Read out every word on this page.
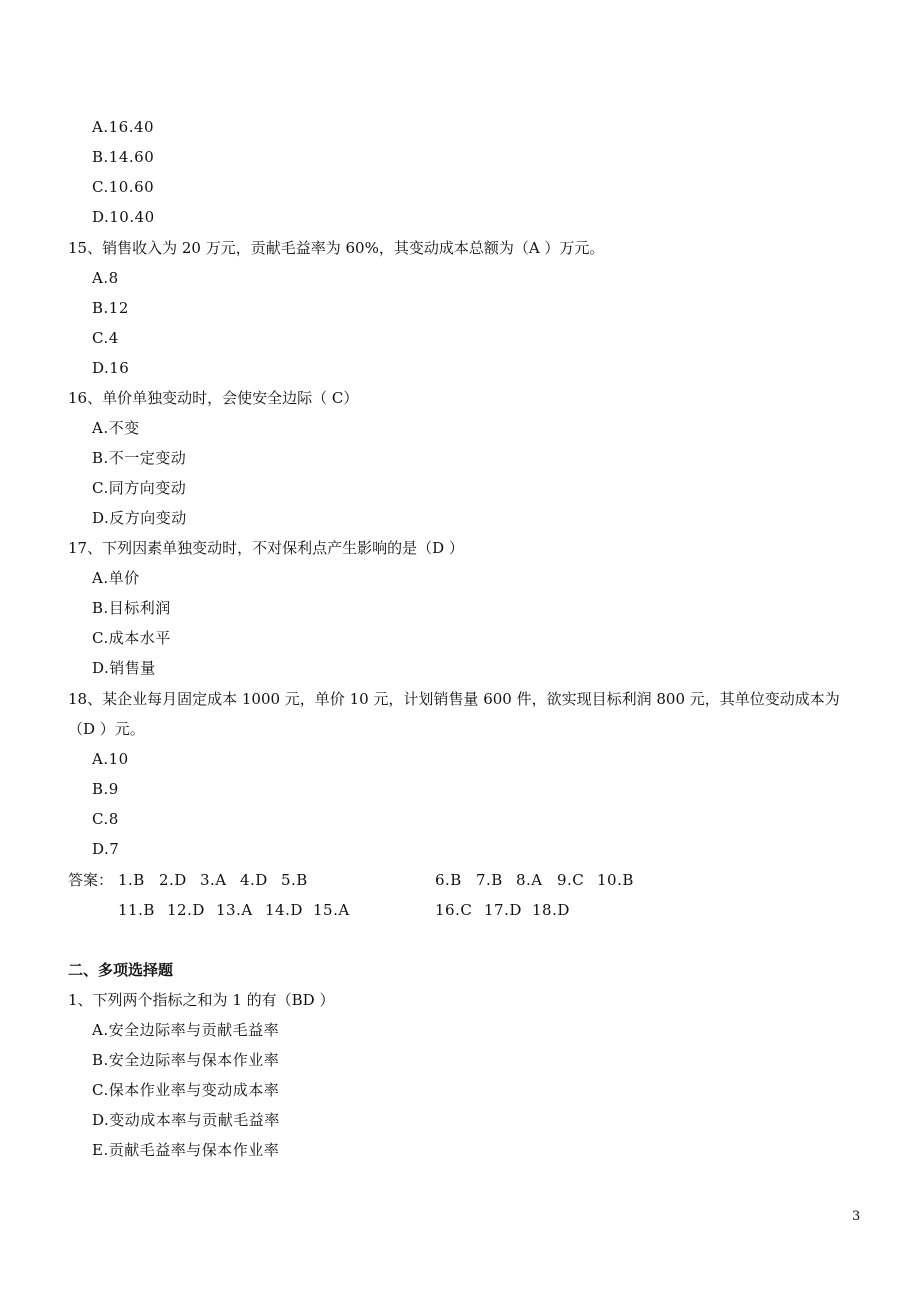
A.16.40
B.14.60
C.10.60
D.10.40
15、销售收入为 20 万元，贡献毛益率为 60%，其变动成本总额为（A ）万元。
A.8
B.12
C.4
D.16
16、单价单独变动时，会使安全边际（ C）
A.不变
B.不一定变动
C.同方向变动
D.反方向变动
17、下列因素单独变动时，不对保利点产生影响的是（D ）
A.单价
B.目标利润
C.成本水平
D.销售量
18、某企业每月固定成本 1000 元，单价 10 元，计划销售量 600 件，欲实现目标利润 800 元，其单位变动成本为
（D ）元。
A.10
B.9
C.8
D.7
答案： 1.B 2.D 3.A 4.D 5.B	6.B 7.B 8.A 9.C 10.B
11.B 12.D 13.A 14.D 15.A	16.C 17.D 18.D
二、多项选择题
1、下列两个指标之和为 1 的有（BD ）
A.安全边际率与贡献毛益率
B.安全边际率与保本作业率
C.保本作业率与变动成本率
D.变动成本率与贡献毛益率
E.贡献毛益率与保本作业率
3
